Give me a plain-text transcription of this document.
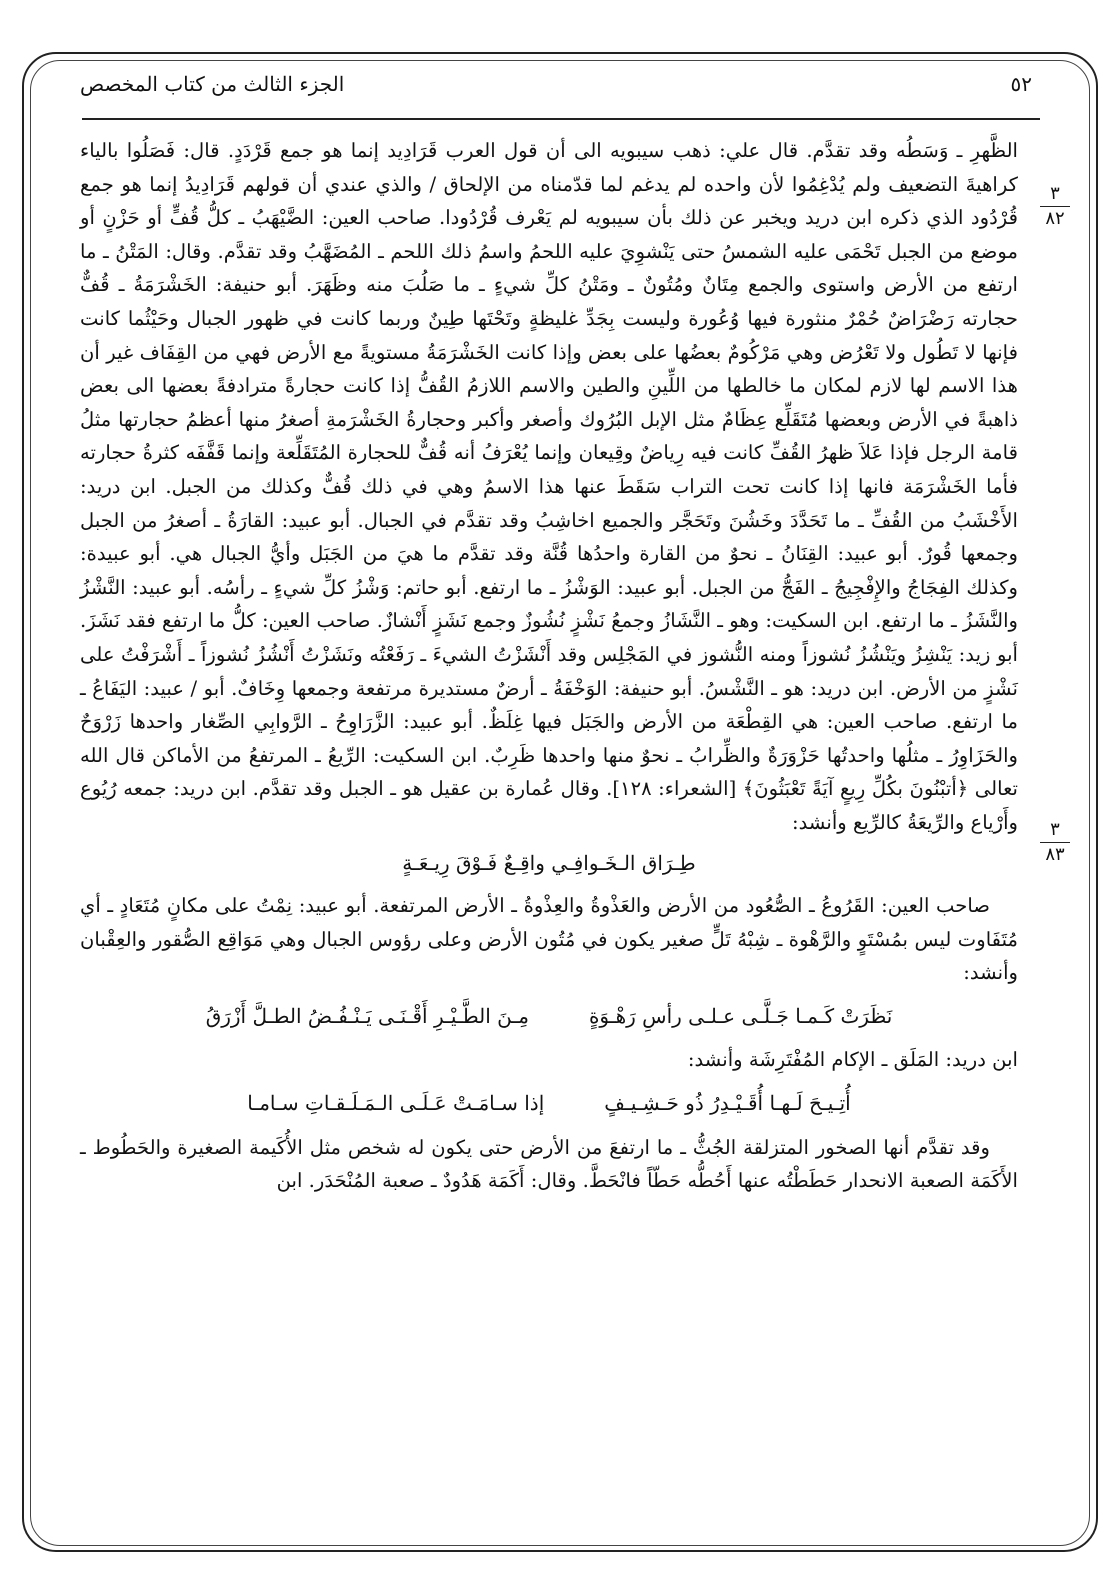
٥٢
الجزء الثالث من كتاب المخصص
٣
٨٢
٣
٨٣

الظَّهرِ ـ وَسَطُه وقد تقدَّم. قال علي: ذهب سيبويه الى أن قول العرب قَرَادِيد إنما هو جمع قَرْدَدٍ. قال: فَصَلُوا بالياء كراهيةَ التضعيف ولم يُدْغِمُوا لأن واحده لم يدغم لما قدّمناه من الإلحاق / والذي عندي أن قولهم قَرَادِيدُ إنما هو جمع قُرْدُود الذي ذكره ابن دريد ويخبر عن ذلك بأن سيبويه لم يَعْرف قُرْدُودا. صاحب العين: الضَّيْهَبُ ـ كلُّ قُفٍّ أو حَزْنٍ أو موضع من الجبل تَحْمَى عليه الشمسُ حتى يَنْشوِيَ عليه اللحمُ واسمُ ذلك اللحم ـ المُضَهَّبُ وقد تقدَّم. وقال: المَتْنُ ـ ما ارتفع من الأرض واستوى والجمع مِتَانٌ ومُتُونٌ ـ ومَتْنُ كلِّ شيءٍ ـ ما صَلُبَ منه وظَهَرَ. أبو حنيفة: الخَشْرَمَةُ ـ قُفٌّ حجارته رَضْرَاضٌ حُمْرٌ منثورة فيها وُعُورة وليست بِجَدِّ غليظةٍ وتَحْتَها طِينٌ وربما كانت في ظهور الجبال وحَيْثُما كانت فإنها لا تَطُول ولا تَعْرُض وهي مَرْكُومٌ بعضُها على بعض وإذا كانت الخَشْرَمَةُ مستويةً مع الأرض فهي من القِفَاف غير أن هذا الاسم لها لازم لمكان ما خالطها من اللِّينِ والطين والاسم اللازمُ القُفُّ إذا كانت حجارةً مترادفةً بعضها الى بعض ذاهبةً في الأرض وبعضها مُتَقَلِّع عِظَامٌ مثل الإبل البُرُوك وأصغر وأكبر وحجارةُ الخَشْرَمةِ أصغرُ منها أعظمُ حجارتها مثلُ قامة الرجل فإذا عَلاَ ظهرُ القُفِّ كانت فيه رِياضٌ وقِيعان وإنما يُعْرَفُ أنه قُفٌّ للحجارة المُتَقَلِّعة وإنما قَفَّفَه كثرةُ حجارته فأما الخَشْرَمَة فانها إذا كانت تحت التراب سَقَطَ عنها هذا الاسمُ وهي في ذلك قُفٌّ وكذلك من الجبل. ابن دريد: الأَخْشَبُ من القُفِّ ـ ما تَحَدَّدَ وخَشُنَ وتَحَجَّر والجميع اخاشِبُ وقد تقدَّم في الجبال. أبو عبيد: القارَةُ ـ أصغرُ من الجبل وجمعها قُورٌ. أبو عبيد: القِنَانُ ـ نحوٌ من القارة واحدُها قُنَّة وقد تقدَّم ما هيَ من الجَبَل وأيُّ الجبال هي. أبو عبيدة: وكذلك الفِجَاجُ والإِفْجِيجُ ـ الفَجُّ من الجبل. أبو عبيد: الوَشْزُ ـ ما ارتفع. أبو حاتم: وَشْزُ كلِّ شيءٍ ـ رأسُه. أبو عبيد: النَّشْزُ والنَّشَزُ ـ ما ارتفع. ابن السكيت: وهو ـ النَّشَازُ وجمعُ نَشْزٍ نُشُوزٌ وجمع نَشَزٍ أَنْشازٌ. صاحب العين: كلُّ ما ارتفع فقد نَشَزَ. أبو زيد: يَنْشِزُ ويَنْشُزُ نُشوزاً ومنه النُّشوز في المَجْلِس وقد أَنْشَزْتُ الشيءَ ـ رَفَعْتُه ونَشَزْتُ أَنْشُزُ نُشوزاً ـ أَشْرَفْتُ على نَشْزٍ من الأرض. ابن دريد: هو ـ النَّشْسُ. أبو حنيفة: الوَخْفَةُ ـ أرضٌ مستديرة مرتفعة وجمعها وِخَافٌ. أبو / عبيد: اليَفَاعُ ـ ما ارتفع. صاحب العين: هي القِطْعَة من الأرض والجَبَل فيها غِلَظٌ. أبو عبيد: الزَّرَاوِحُ ـ الرَّوابِي الصِّغار واحدها زَرْوَحٌ والحَزَاوِرُ ـ مثلُها واحدتُها حَزْوَرَةٌ والظِّرابُ ـ نحوٌ منها واحدها ظَرِبٌ. ابن السكيت: الرِّيعُ ـ المرتفعُ من الأماكن قال الله تعالى ﴿أتبْنُونَ بكُلِّ رِيعٍ آيَةً تَعْبَثُونَ﴾ [الشعراء: ١٢٨]. وقال عُمارة بن عقيل هو ـ الجبل وقد تقدَّم. ابن دريد: جمعه رُيُوع وأَرْياع والرِّيعَةُ كالرِّيع وأنشد:

طِـرَاق الـخَـوافِـي واقِـعٌ فَـوْقَ رِيـعَـةٍ

صاحب العين: القَرُوعُ ـ الصُّعُود من الأرض والعَذْوةُ والعِذْوةُ ـ الأرض المرتفعة. أبو عبيد: نِمْتُ على مكانٍ مُتَعَادٍ ـ أي مُتَفَاوت ليس بمُسْتَوٍ والرَّهْوة ـ شِبْهُ تَلٍّ صغير يكون في مُتُون الأرض وعلى رؤوس الجبال وهي مَوَاقِع الصُّقور والعِقْبان وأنشد:

نَظَرَتْ كَـمـا جَـلَّـى عـلـى رأسِ رَهْـوَةٍ
مِـنَ الطَّـيْـرِ أَقْـنَـى يَـنْـفُـضُ الطـلَّ أَزْرَقُ

ابن دريد: المَلَق ـ الإكام المُفْتَرِشَة وأنشد:

أُتِـيـحَ لَـهـا أُقَـيْـدِرُ ذُو حَـشِـيـفٍ
إذا سـامَـتْ عَـلَـى الـمَـلَـقـاتِ سـامـا

وقد تقدَّم أنها الصخور المتزلقة الجُثُّ ـ ما ارتفعَ من الأرض حتى يكون له شخص مثل الأُكَيمة الصغيرة والحَطُوط ـ الأَكَمَة الصعبة الانحدار حَطَطْتُه عنها أَحُطُّه حَطّاً فانْحَطَّ. وقال: أَكَمَة هَدُودٌ ـ صعبة المُنْحَدَر. ابن
